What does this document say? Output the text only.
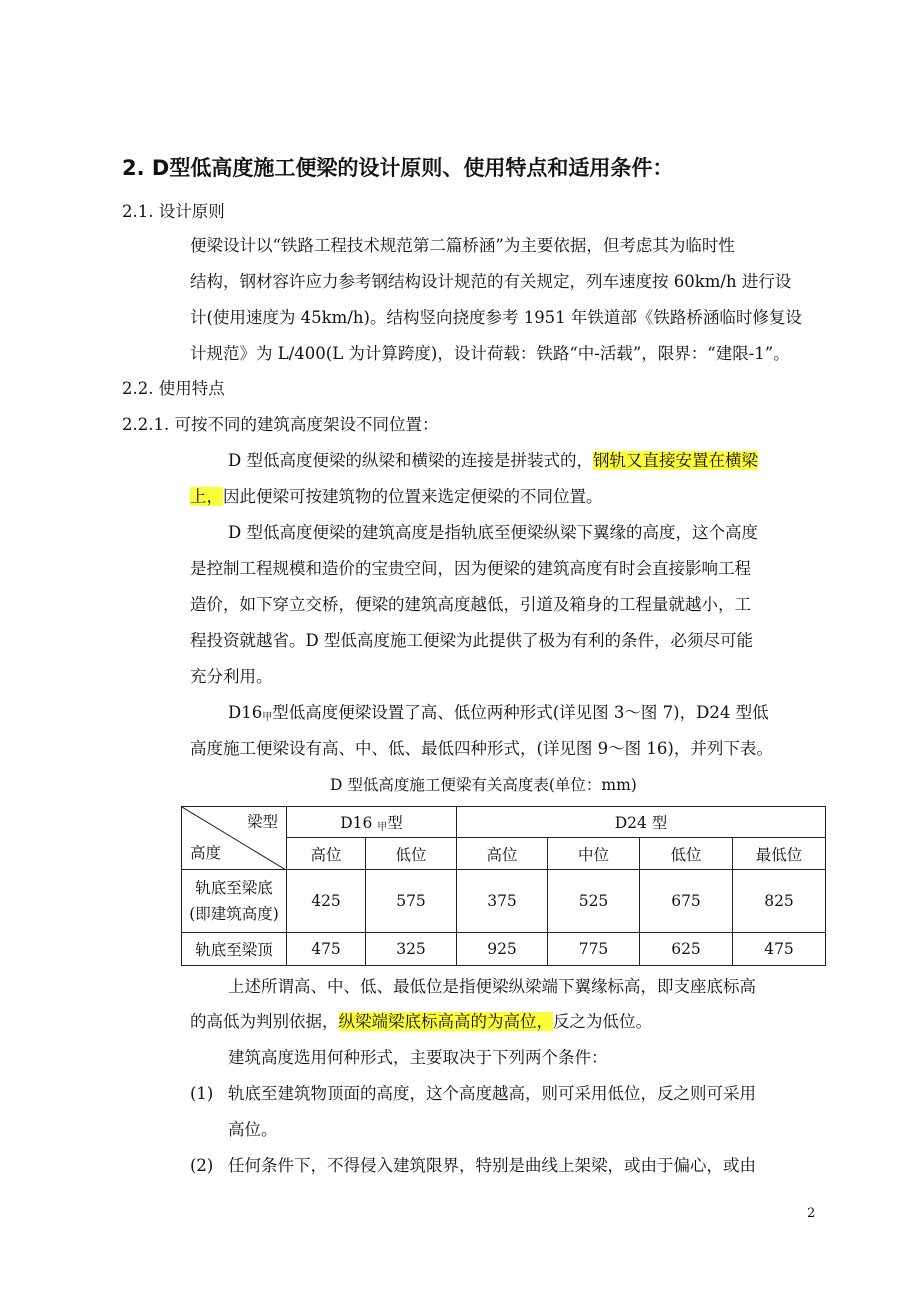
2. D型低高度施工便梁的设计原则、使用特点和适用条件：
2.1. 设计原则
便梁设计以“铁路工程技术规范第二篇桥涵”为主要依据，但考虑其为临时性
结构，钢材容许应力参考钢结构设计规范的有关规定，列车速度按 60km/h 进行设
计(使用速度为 45km/h)。结构竖向挠度参考 1951 年铁道部《铁路桥涵临时修复设
计规范》为 L/400(L 为计算跨度)，设计荷载：铁路“中-活载”，限界：“建限-1”。
2.2. 使用特点
2.2.1. 可按不同的建筑高度架设不同位置：
D 型低高度便梁的纵梁和横梁的连接是拼装式的，钢轨又直接安置在横梁
上，因此便梁可按建筑物的位置来选定便梁的不同位置。
D 型低高度便梁的建筑高度是指轨底至便梁纵梁下翼缘的高度，这个高度
是控制工程规模和造价的宝贵空间，因为便梁的建筑高度有时会直接影响工程
造价，如下穿立交桥，便梁的建筑高度越低，引道及箱身的工程量就越小，工
程投资就越省。D 型低高度施工便梁为此提供了极为有利的条件，必须尽可能
充分利用。
$D16_甲$型低高度便梁设置了高、低位两种形式(详见图 3～图 7)，D24 型低
高度施工便梁设有高、中、低、最低四种形式，(详见图 9～图 16)，并列下表。
D 型低高度施工便梁有关高度表(单位：mm)
梁型
高度	D16 $_甲$型		D24 型			
	高位	低位	高位	中位	低位	最低位

轨底至梁底
(即建筑高度)	425	575	375	525	675	825
轨底至梁顶	475	325	925	775	625	475
上述所谓高、中、低、最低位是指便梁纵梁端下翼缘标高，即支座底标高
的高低为判别依据，纵梁端梁底标高高的为高位，反之为低位。
建筑高度选用何种形式，主要取决于下列两个条件：
(1) 轨底至建筑物顶面的高度，这个高度越高，则可采用低位，反之则可采用
高位。
(2) 任何条件下，不得侵入建筑限界，特别是曲线上架梁，或由于偏心，或由
2
